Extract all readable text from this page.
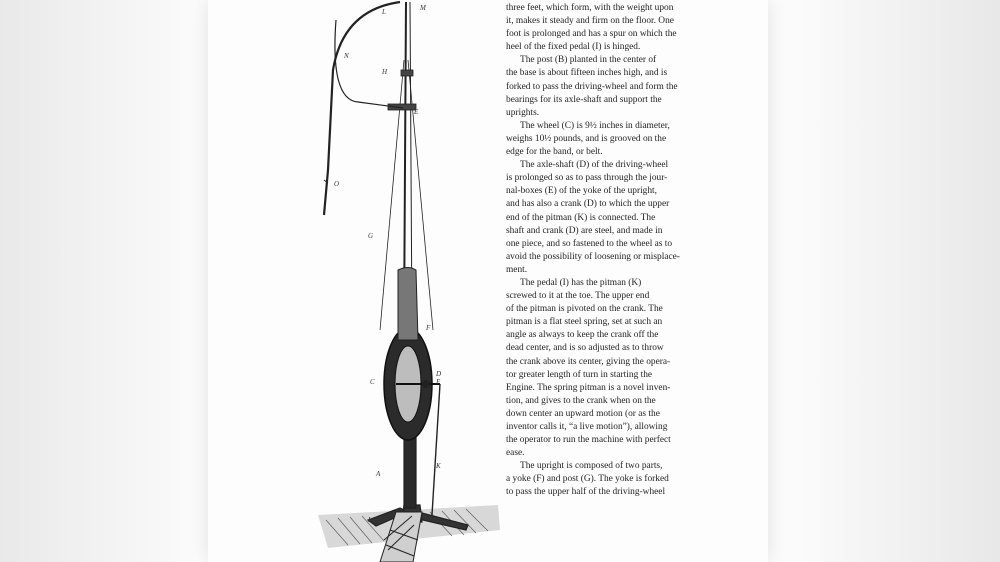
L	M
N
H
E
O
G
F
C
D
E
K
A
I
three feet, which form, with the weight upon
it, makes it steady and firm on the floor. One
foot is prolonged and has a spur on which the
heel of the fixed pedal (I) is hinged.
The post (B) planted in the center of
the base is about fifteen inches high, and is
forked to pass the driving-wheel and form the
bearings for its axle-shaft and support the
uprights.
The wheel (C) is 9½ inches in diameter,
weighs 10½ pounds, and is grooved on the
edge for the band, or belt.
The axle-shaft (D) of the driving-wheel
is prolonged so as to pass through the jour-
nal-boxes (E) of the yoke of the upright,
and has also a crank (D) to which the upper
end of the pitman (K) is connected. The
shaft and crank (D) are steel, and made in
one piece, and so fastened to the wheel as to
avoid the possibility of loosening or misplace-
ment.
The pedal (I) has the pitman (K)
screwed to it at the toe. The upper end
of the pitman is pivoted on the crank. The
pitman is a flat steel spring, set at such an
angle as always to keep the crank off the
dead center, and is so adjusted as to throw
the crank above its center, giving the opera-
tor greater length of turn in starting the
Engine. The spring pitman is a novel inven-
tion, and gives to the crank when on the
down center an upward motion (or as the
inventor calls it, “a live motion”), allowing
the operator to run the machine with perfect
ease.
The upright is composed of two parts,
a yoke (F) and post (G). The yoke is forked
to pass the upper half of the driving-wheel
